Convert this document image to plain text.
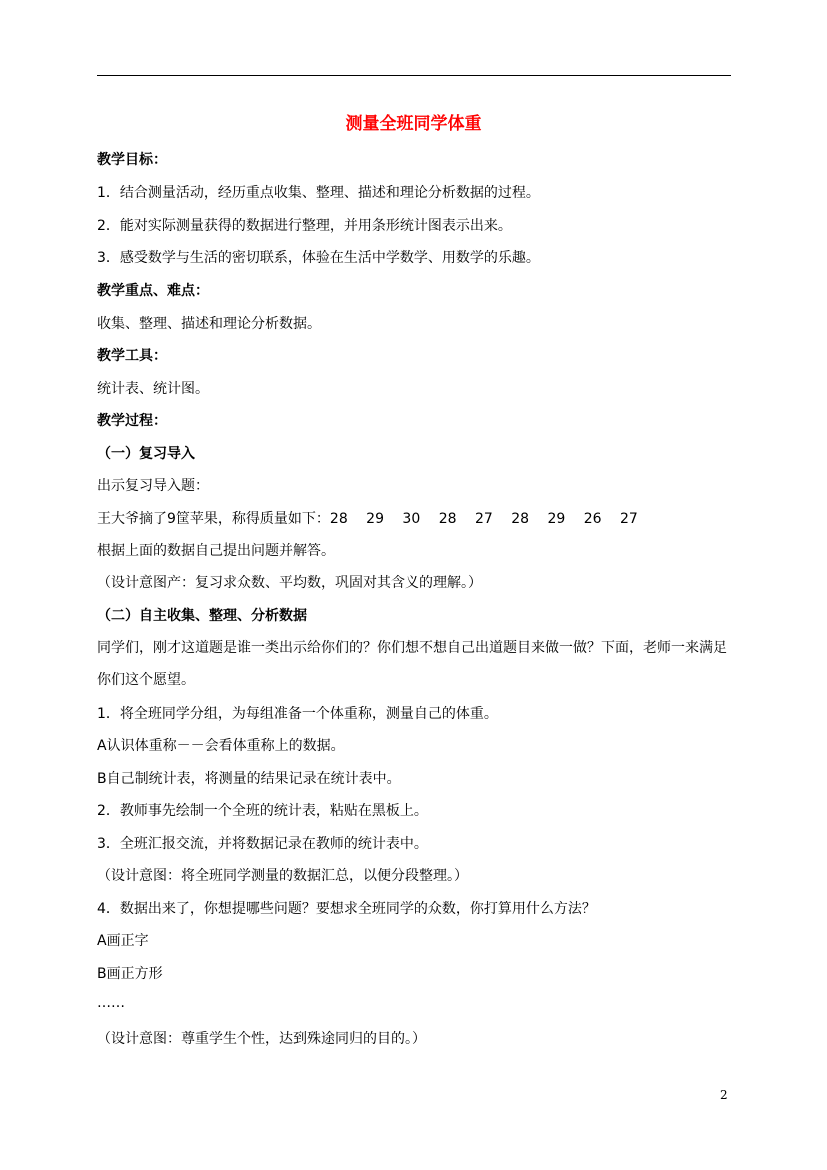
测量全班同学体重
教学目标：
1．结合测量活动，经历重点收集、整理、描述和理论分析数据的过程。
2．能对实际测量获得的数据进行整理，并用条形统计图表示出来。
3．感受数学与生活的密切联系，体验在生活中学数学、用数学的乐趣。
教学重点、难点：
收集、整理、描述和理论分析数据。
教学工具：
统计表、统计图。
教学过程：
（一）复习导入
出示复习导入题：
王大爷摘了9筐苹果，称得质量如下：28　 29　 30　 28　 27　 28　 29　 26　 27
根据上面的数据自己提出问题并解答。
（设计意图产：复习求众数、平均数，巩固对其含义的理解。）
（二）自主收集、整理、分析数据
同学们，刚才这道题是谁一类出示给你们的？你们想不想自己出道题目来做一做？下面，老师一来满足你们这个愿望。
1．将全班同学分组，为每组准备一个体重称，测量自己的体重。
A认识体重称－－会看体重称上的数据。
B自己制统计表，将测量的结果记录在统计表中。
2．教师事先绘制一个全班的统计表，粘贴在黑板上。
3．全班汇报交流，并将数据记录在教师的统计表中。
（设计意图：将全班同学测量的数据汇总，以便分段整理。）
4．数据出来了，你想提哪些问题？要想求全班同学的众数，你打算用什么方法？
A画正字
B画正方形
……
（设计意图：尊重学生个性，达到殊途同归的目的。）
2
